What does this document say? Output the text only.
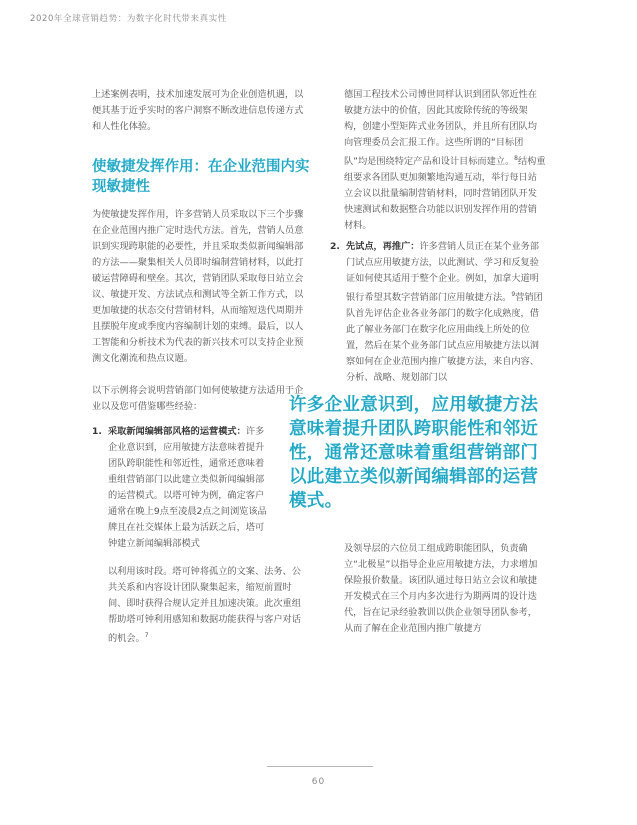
2020年全球营销趋势：为数字化时代带来真实性

上述案例表明，技术加速发展可为企业创造机遇，以便其基于近乎实时的客户洞察不断改进信息传递方式和人性化体验。

使敏捷发挥作用：在企业范围内实现敏捷性

为使敏捷发挥作用，许多营销人员采取以下三个步骤在企业范围内推广定时迭代方法。首先，营销人员意识到实现跨职能的必要性，并且采取类似新闻编辑部的方法——聚集相关人员即时编制营销材料，以此打破运营障碍和壁垒。其次，营销团队采取每日站立会议、敏捷开发、方法试点和测试等全新工作方式，以更加敏捷的状态交付营销材料，从而缩短迭代周期并且摆脱年度或季度内容编制计划的束缚。最后，以人工智能和分析技术为代表的新兴技术可以支持企业预测文化潮流和热点议题。

以下示例将会说明营销部门如何使敏捷方法适用于企业以及您可借鉴哪些经验：

1. 采取新闻编辑部风格的运营模式：许多企业意识到，应用敏捷方法意味着提升团队跨职能性和邻近性，通常还意味着重组营销部门以此建立类似新闻编辑部的运营模式。以塔可钟为例，确定客户通常在晚上9点至凌晨2点之间浏览该品牌且在社交媒体上最为活跃之后，塔可钟建立新闻编辑部模式
以利用该时段。塔可钟将孤立的文案、法务、公共关系和内容设计团队聚集起来，缩短前置时间、即时获得合规认定并且加速决策。此次重组帮助塔可钟利用感知和数据功能获得与客户对话的机会。$^7$

德国工程技术公司博世同样认识到团队邻近性在敏捷方法中的价值，因此其废除传统的等级架构，创建小型矩阵式业务团队，并且所有团队均向管理委员会汇报工作。这些所谓的“目标团队”均是围绕特定产品和设计目标而建立。$^8$结构重组要求各团队更加频繁地沟通互动，举行每日站立会议以批量编制营销材料，同时营销团队开发快速测试和数据整合功能以识别发挥作用的营销材料。

2. 先试点，再推广：许多营销人员正在某个业务部门试点应用敏捷方法，以此测试、学习和反复验证如何使其适用于整个企业。例如，加拿大道明银行希望其数字营销部门应用敏捷方法。$^9$营销团队首先评估企业各业务部门的数字化成熟度，借此了解业务部门在数字化应用曲线上所处的位置，然后在某个业务部门试点应用敏捷方法以洞察如何在企业范围内推广敏捷方法，来自内容、分析、战略、规划部门以
许多企业意识到，应用敏捷方法意味着提升团队跨职能性和邻近性，通常还意味着重组营销部门以此建立类似新闻编辑部的运营模式。

及领导层的六位员工组成跨职能团队，负责确立“北极星”以指导企业应用敏捷方法，力求增加保险报价数量。该团队通过每日站立会议和敏捷开发模式在三个月内多次进行为期两周的设计迭代，旨在记录经验教训以供企业领导团队参考，从而了解在企业范围内推广敏捷方

60
